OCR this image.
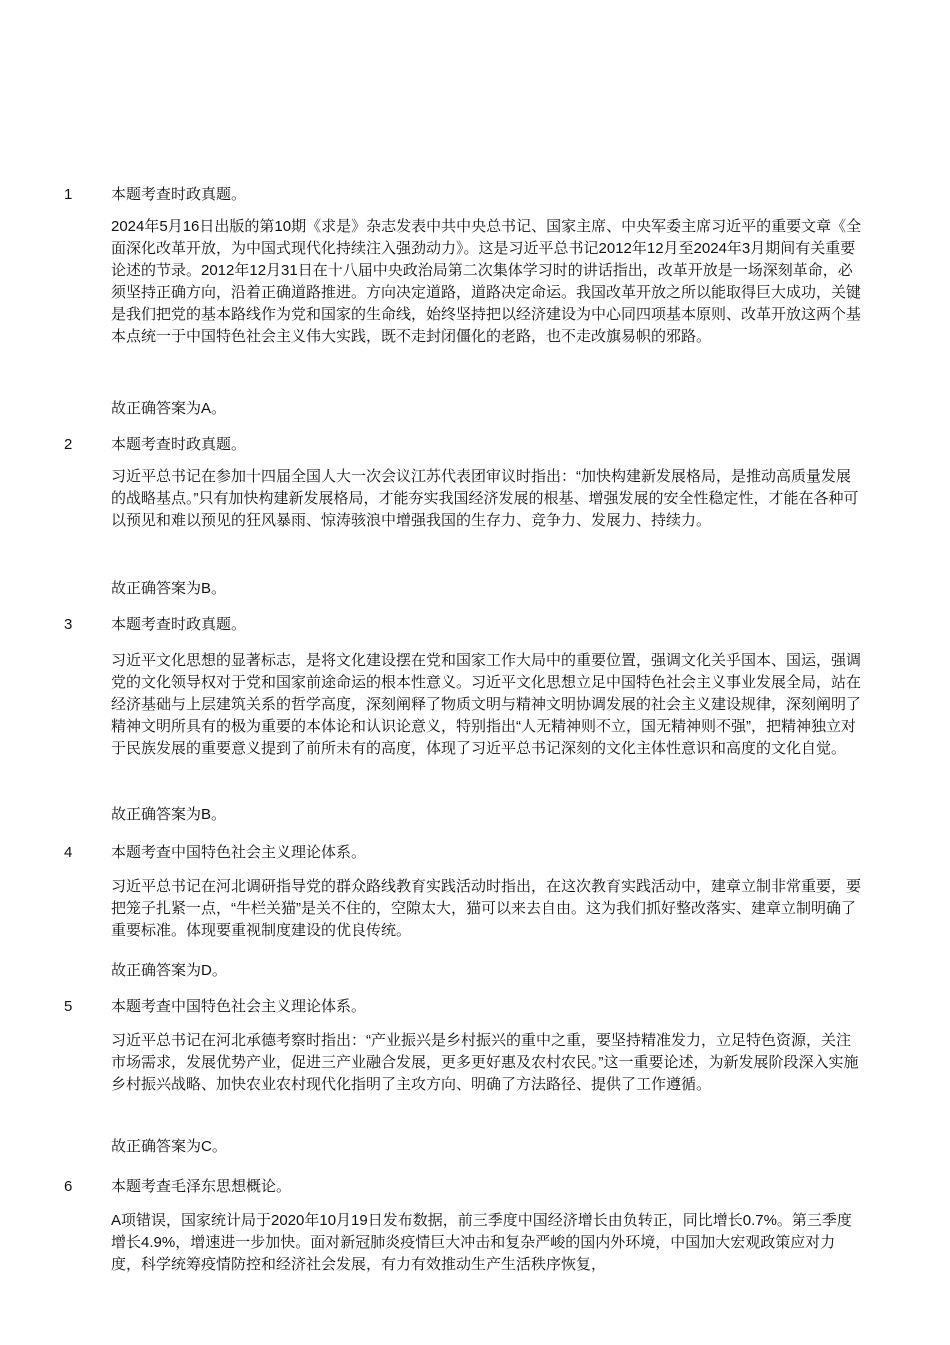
1	本题考查时政真题。

2024年5月16日出版的第10期《求是》杂志发表中共中央总书记、国家主席、中央军委主席习近平的重要文章《全面深化改革开放，为中国式现代化持续注入强劲动力》。这是习近平总书记2012年12月至2024年3月期间有关重要论述的节录。2012年12月31日在十八届中央政治局第二次集体学习时的讲话指出，改革开放是一场深刻革命，必须坚持正确方向，沿着正确道路推进。方向决定道路，道路决定命运。我国改革开放之所以能取得巨大成功，关键是我们把党的基本路线作为党和国家的生命线，始终坚持把以经济建设为中心同四项基本原则、改革开放这两个基本点统一于中国特色社会主义伟大实践，既不走封闭僵化的老路，也不走改旗易帜的邪路。

故正确答案为A。

2	本题考查时政真题。

习近平总书记在参加十四届全国人大一次会议江苏代表团审议时指出：“加快构建新发展格局，是推动高质量发展的战略基点。”只有加快构建新发展格局，才能夯实我国经济发展的根基、增强发展的安全性稳定性，才能在各种可以预见和难以预见的狂风暴雨、惊涛骇浪中增强我国的生存力、竞争力、发展力、持续力。

故正确答案为B。

3	本题考查时政真题。

习近平文化思想的显著标志，是将文化建设摆在党和国家工作大局中的重要位置，强调文化关乎国本、国运，强调党的文化领导权对于党和国家前途命运的根本性意义。习近平文化思想立足中国特色社会主义事业发展全局，站在经济基础与上层建筑关系的哲学高度，深刻阐释了物质文明与精神文明协调发展的社会主义建设规律，深刻阐明了精神文明所具有的极为重要的本体论和认识论意义，特别指出“人无精神则不立，国无精神则不强”，把精神独立对于民族发展的重要意义提到了前所未有的高度，体现了习近平总书记深刻的文化主体性意识和高度的文化自觉。

故正确答案为B。

4	本题考查中国特色社会主义理论体系。

习近平总书记在河北调研指导党的群众路线教育实践活动时指出，在这次教育实践活动中，建章立制非常重要，要把笼子扎紧一点，“牛栏关猫”是关不住的，空隙太大，猫可以来去自由。这为我们抓好整改落实、建章立制明确了重要标准。体现要重视制度建设的优良传统。

故正确答案为D。

5	本题考查中国特色社会主义理论体系。

习近平总书记在河北承德考察时指出：“产业振兴是乡村振兴的重中之重，要坚持精准发力，立足特色资源，关注市场需求，发展优势产业，促进三产业融合发展，更多更好惠及农村农民。”这一重要论述，为新发展阶段深入实施乡村振兴战略、加快农业农村现代化指明了主攻方向、明确了方法路径、提供了工作遵循。

故正确答案为C。

6	本题考查毛泽东思想概论。

A项错误，国家统计局于2020年10月19日发布数据，前三季度中国经济增长由负转正，同比增长0.7%。第三季度增长4.9%，增速进一步加快。面对新冠肺炎疫情巨大冲击和复杂严峻的国内外环境，中国加大宏观政策应对力度，科学统筹疫情防控和经济社会发展，有力有效推动生产生活秩序恢复，
